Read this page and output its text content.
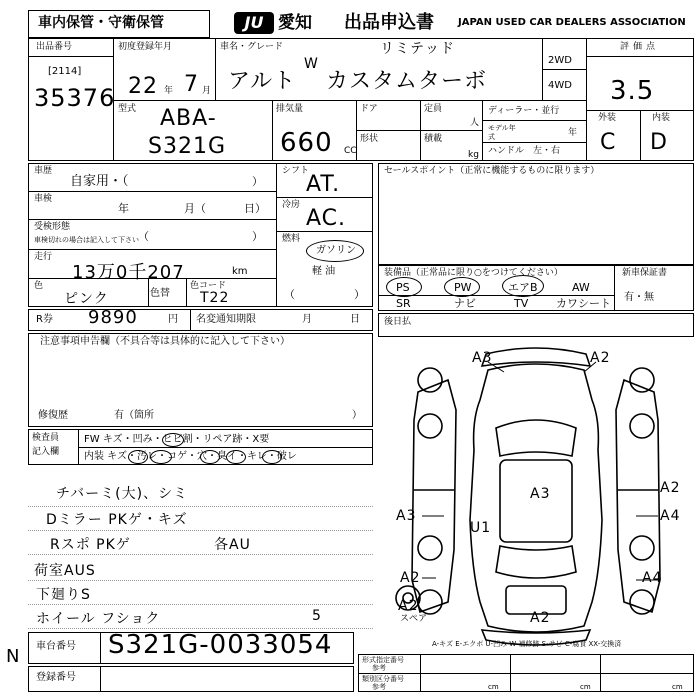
車内保管・守衛保管	JU 愛知 出品申込書 JAPAN USED CAR DEALERS ASSOCIATION
出品番号
[2114]
35376
初度登録年月
22 年 7 月
車名・グレード	リミテッド
アルト
W
カスタムターボ
2WD
4WD
評価点
3.5
型式 ABA-
S321G
排気量
660 CC
ドア	定員
人
形状	積載
kg
ディーラー・並行
モデル年式	年
ハンドル　左・右
外装	内装
C D
車歴
自家用・（	）
車検
年	月（	日）
受検形態
車検切れの場合は記入して下さい （	）
走行
13万0千207	km
色
ピンク	色替
色コード
T22
シフト
AT.
冷房
AC.
燃料
ガソリン
軽 油
（	）
R券 9890	円 名変通知期限	月	日
セールスポイント（正常に機能するものに限ります）
装備品（正常品に限り○をつけてください）
PS	PW	エアB	AW
SR	ナビ	TV	カワシート
新車保証書
有・無
注意事項申告欄（不具合等は具体的に記入して下さい）
修復歴	有（箇所	）
後日払
検査員
記入欄
FW キズ・凹み・ヒビ割・リペア跡・X要
内装 キズ・汚レ・コゲ・穴・臭イ・キレ・破レ
チバーミ(大)、シミ
Dミラー PKゲ・キズ
Rスポ PKゲ	各AU
荷室AUS
下廻りS
ホイール フショク	5
車台番号 S321G-0033054
N
登録番号
形式指定番号
参考
類別区分番号
参考	cm	cm	cm
A3	A2
A3	A2
A4
A3
U1
A2	A4
A2
A2
スペア
A-キズ E-エクボ U-凹み W-補修跡 S-サビ C-腐食 XX-交換済
